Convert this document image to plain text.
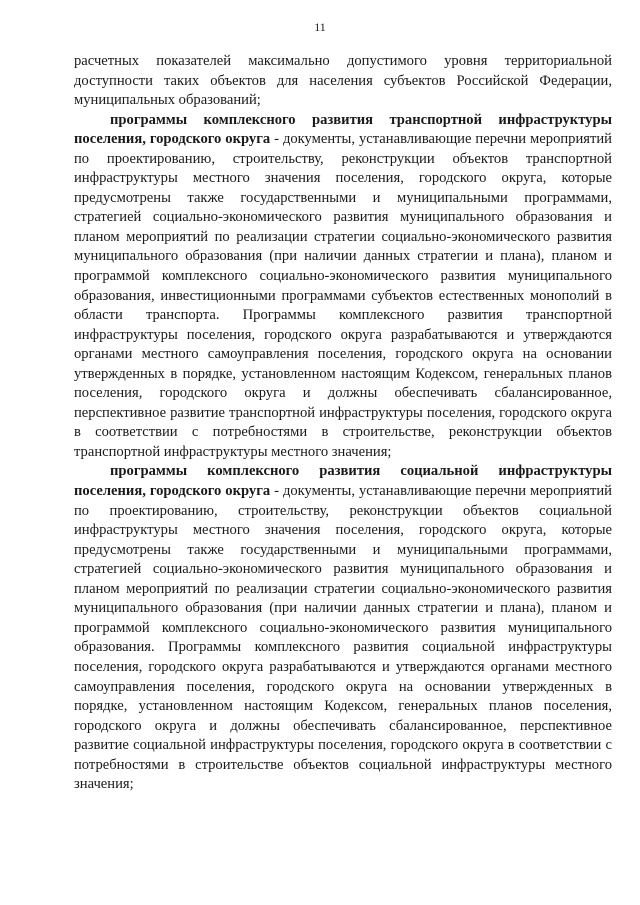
11

расчетных показателей максимально допустимого уровня территориальной доступности таких объектов для населения субъектов Российской Федерации, муниципальных образований;

программы комплексного развития транспортной инфраструктуры поселения, городского округа - документы, устанавливающие перечни мероприятий по проектированию, строительству, реконструкции объектов транспортной инфраструктуры местного значения поселения, городского округа, которые предусмотрены также государственными и муниципальными программами, стратегией социально-экономического развития муниципального образования и планом мероприятий по реализации стратегии социально-экономического развития муниципального образования (при наличии данных стратегии и плана), планом и программой комплексного социально-экономического развития муниципального образования, инвестиционными программами субъектов естественных монополий в области транспорта. Программы комплексного развития транспортной инфраструктуры поселения, городского округа разрабатываются и утверждаются органами местного самоуправления поселения, городского округа на основании утвержденных в порядке, установленном настоящим Кодексом, генеральных планов поселения, городского округа и должны обеспечивать сбалансированное, перспективное развитие транспортной инфраструктуры поселения, городского округа в соответствии с потребностями в строительстве, реконструкции объектов транспортной инфраструктуры местного значения;

программы комплексного развития социальной инфраструктуры поселения, городского округа - документы, устанавливающие перечни мероприятий по проектированию, строительству, реконструкции объектов социальной инфраструктуры местного значения поселения, городского округа, которые предусмотрены также государственными и муниципальными программами, стратегией социально-экономического развития муниципального образования и планом мероприятий по реализации стратегии социально-экономического развития муниципального образования (при наличии данных стратегии и плана), планом и программой комплексного социально-экономического развития муниципального образования. Программы комплексного развития социальной инфраструктуры поселения, городского округа разрабатываются и утверждаются органами местного самоуправления поселения, городского округа на основании утвержденных в порядке, установленном настоящим Кодексом, генеральных планов поселения, городского округа и должны обеспечивать сбалансированное, перспективное развитие социальной инфраструктуры поселения, городского округа в соответствии с потребностями в строительстве объектов социальной инфраструктуры местного значения;
